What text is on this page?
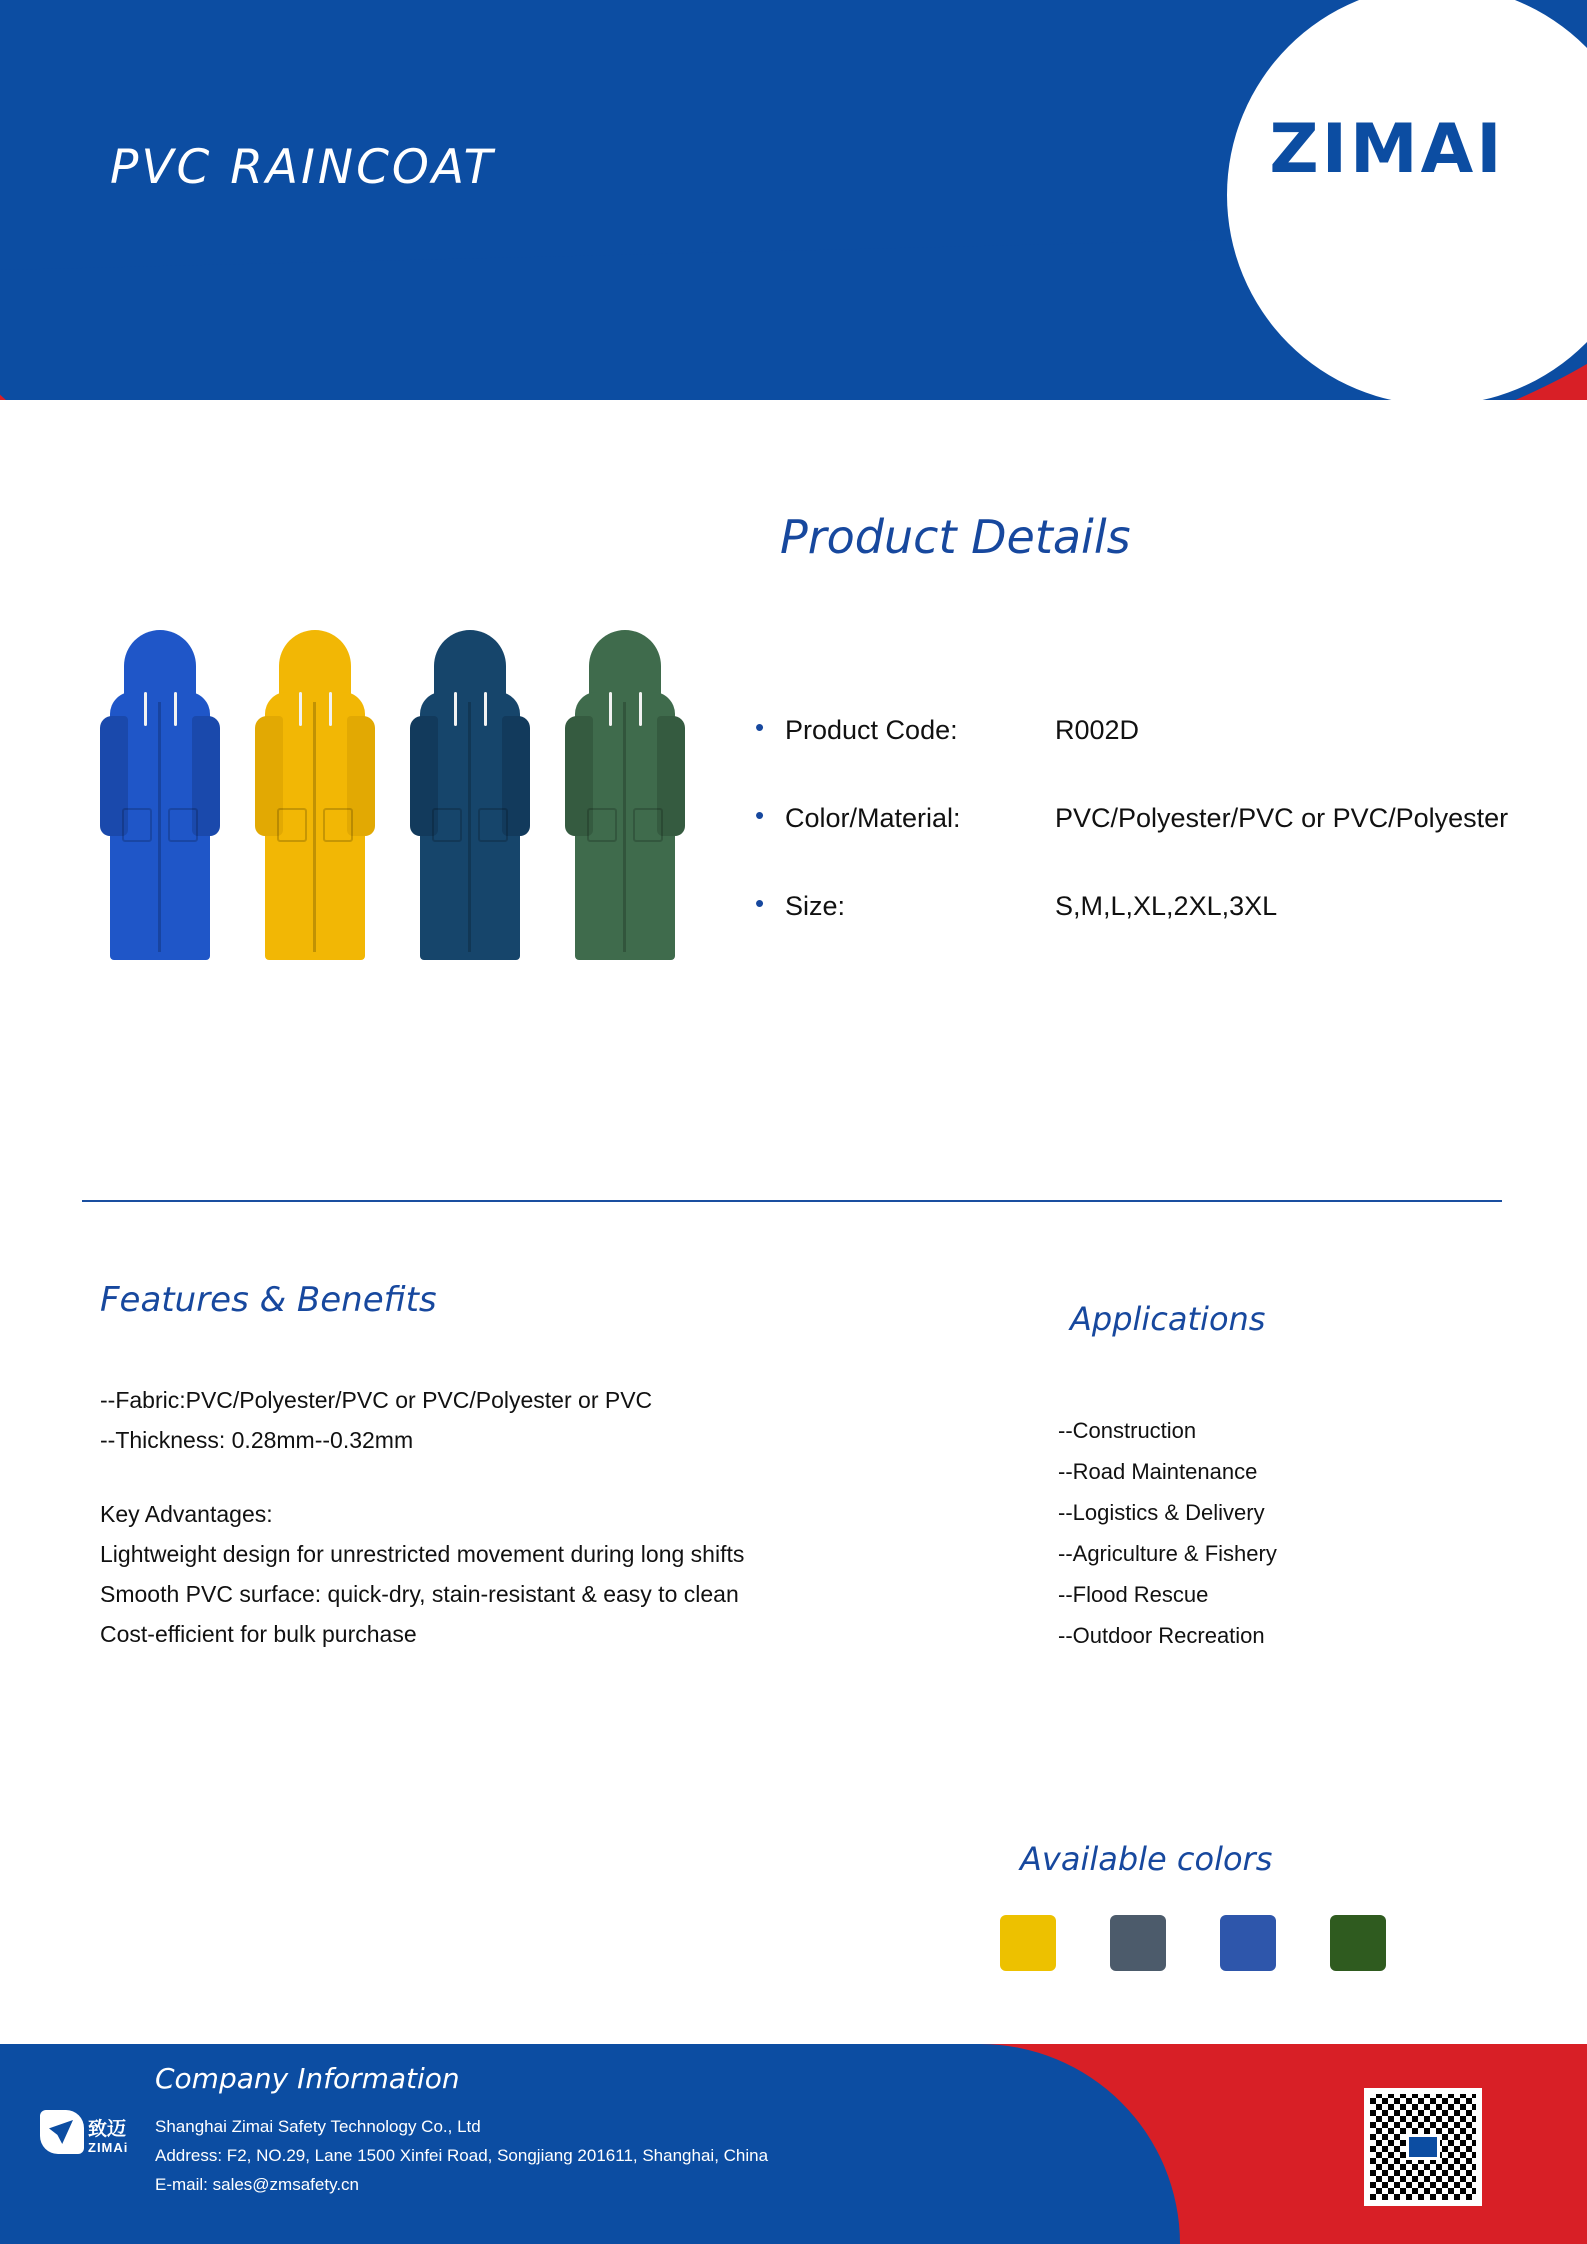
ZIMAI
PVC RAINCOAT
Product Details
• Product Code:	R002D
• Color/Material:	PVC/Polyester/PVC or PVC/Polyester
• Size:	S,M,L,XL,2XL,3XL
Features & Benefits
--Fabric:PVC/Polyester/PVC or PVC/Polyester or PVC
--Thickness: 0.28mm--0.32mm
Key Advantages:
Lightweight design for unrestricted movement during long shifts
Smooth PVC surface: quick-dry, stain-resistant & easy to clean
Cost-efficient for bulk purchase
Applications
--Construction
--Road Maintenance
--Logistics & Delivery
--Agriculture & Fishery
--Flood Rescue
--Outdoor Recreation
Available colors
致迈
ZIMAi
Company Information
Shanghai Zimai Safety Technology Co., Ltd
Address: F2, NO.29, Lane 1500 Xinfei Road, Songjiang 201611, Shanghai, China
E-mail: sales@zmsafety.cn
